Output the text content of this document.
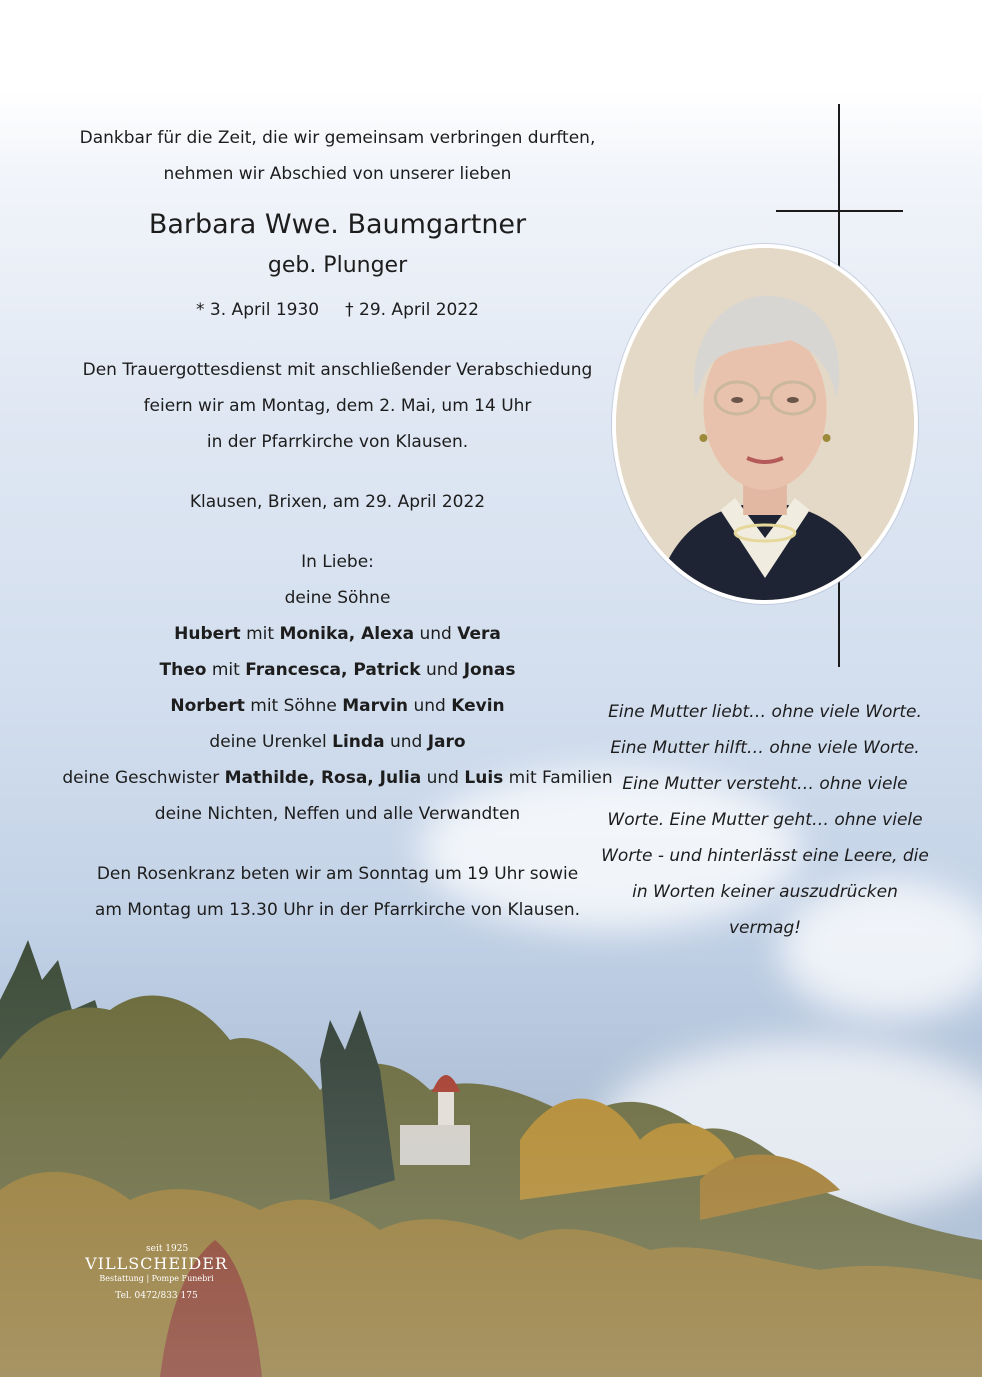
Dankbar für die Zeit, die wir gemeinsam verbringen durften,
nehmen wir Abschied von unserer lieben
Barbara Wwe. Baumgartner
geb. Plunger
* 3. April 1930 † 29. April 2022
Den Trauergottesdienst mit anschließender Verabschiedung
feiern wir am Montag, dem 2. Mai, um 14 Uhr
in der Pfarrkirche von Klausen.
Klausen, Brixen, am 29. April 2022
In Liebe:
deine Söhne
Hubert mit Monika, Alexa und Vera
Theo mit Francesca, Patrick und Jonas
Norbert mit Söhne Marvin und Kevin
deine Urenkel Linda und Jaro
deine Geschwister Mathilde, Rosa, Julia und Luis mit Familien
deine Nichten, Neffen und alle Verwandten
Den Rosenkranz beten wir am Sonntag um 19 Uhr sowie
am Montag um 13.30 Uhr in der Pfarrkirche von Klausen.
Eine Mutter liebt… ohne viele Worte.
Eine Mutter hilft… ohne viele Worte.
Eine Mutter versteht… ohne viele
Worte. Eine Mutter geht… ohne viele
Worte - und hinterlässt eine Leere, die
in Worten keiner auszudrücken vermag!
seit 1925
VILLSCHEIDER
Bestattung | Pompe Funebri
Tel. 0472/833 175
